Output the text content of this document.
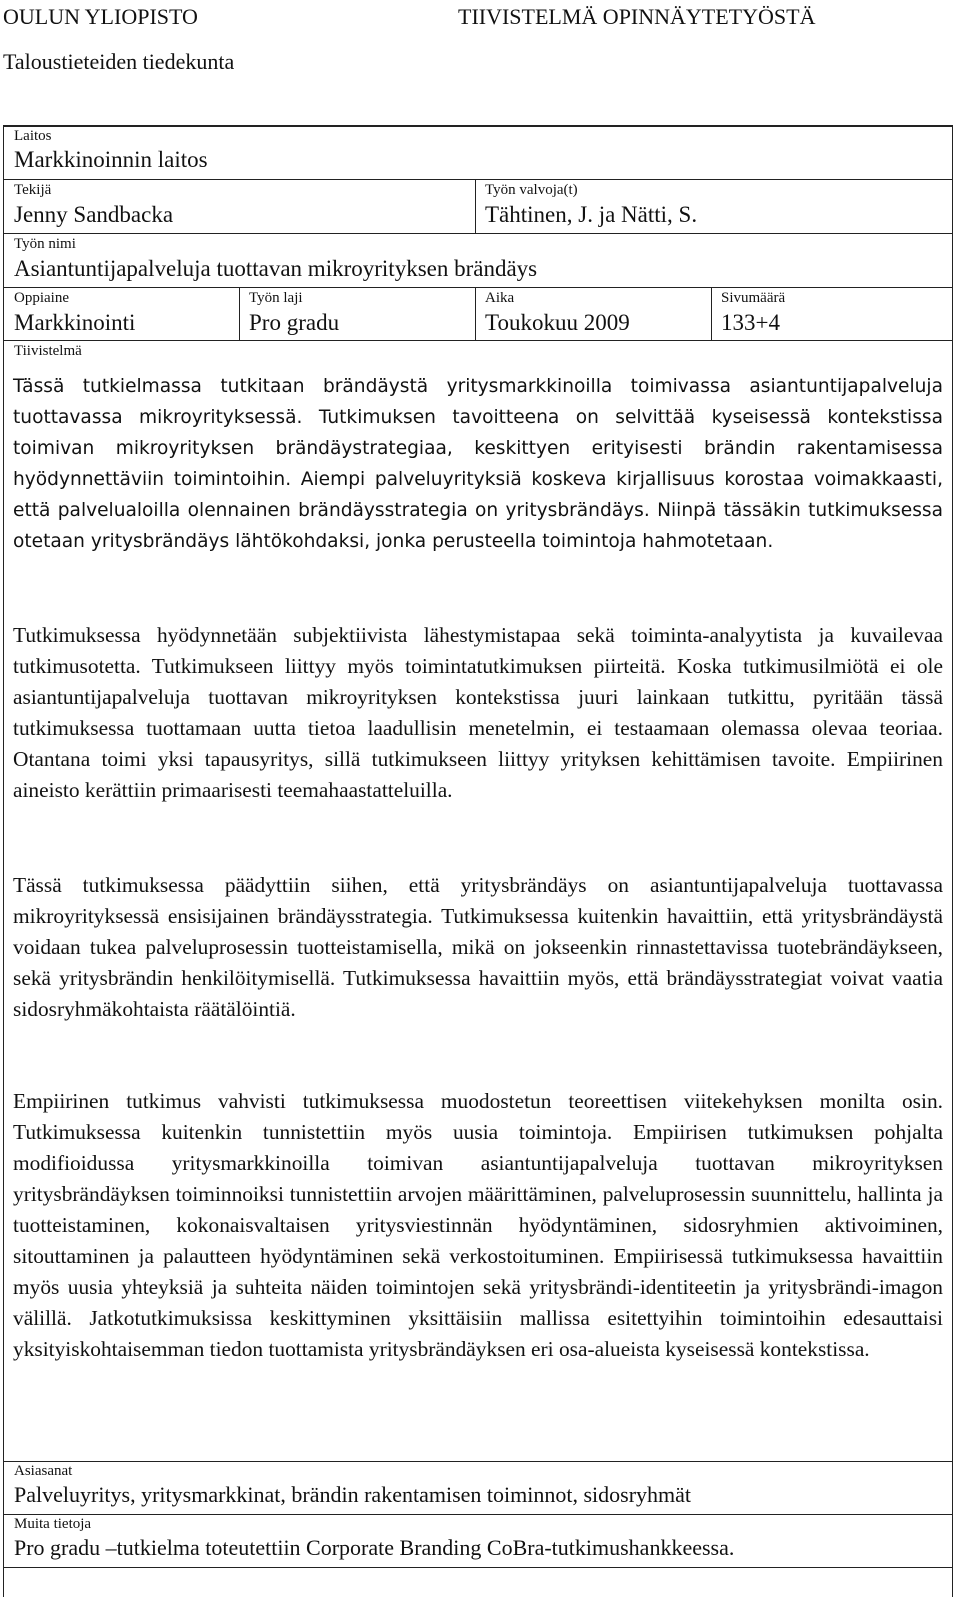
OULUN YLIOPISTO	TIIVISTELMÄ OPINNÄYTETYÖSTÄ
Taloustieteiden tiedekunta
Laitos
Markkinoinnin laitos
Tekijä
Jenny Sandbacka
Työn valvoja(t)
Tähtinen, J. ja Nätti, S.
Työn nimi
Asiantuntijapalveluja tuottavan mikroyrityksen brändäys
Oppiaine
Markkinointi
Työn laji
Pro gradu
Aika
Toukokuu 2009
Sivumäärä
133+4
Tiivistelmä

Tässä tutkielmassa tutkitaan brändäystä yritysmarkkinoilla toimivassa asiantuntijapalveluja tuottavassa mikroyrityksessä. Tutkimuksen tavoitteena on selvittää kyseisessä kontekstissa toimivan mikroyrityksen brändäystrategiaa, keskittyen erityisesti brändin rakentamisessa hyödynnettäviin toimintoihin. Aiempi palveluyrityksiä koskeva kirjallisuus korostaa voimakkaasti, että palvelualoilla olennainen brändäysstrategia on yritysbrändäys. Niinpä tässäkin tutkimuksessa otetaan yritysbrändäys lähtökohdaksi, jonka perusteella toimintoja hahmotetaan.

Tutkimuksessa hyödynnetään subjektiivista lähestymistapaa sekä toiminta-analyytista ja kuvailevaa tutkimusotetta. Tutkimukseen liittyy myös toimintatutkimuksen piirteitä. Koska tutkimusilmiötä ei ole asiantuntijapalveluja tuottavan mikroyrityksen kontekstissa juuri lainkaan tutkittu, pyritään tässä tutkimuksessa tuottamaan uutta tietoa laadullisin menetelmin, ei testaamaan olemassa olevaa teoriaa. Otantana toimi yksi tapausyritys, sillä tutkimukseen liittyy yrityksen kehittämisen tavoite. Empiirinen aineisto kerättiin primaarisesti teemahaastatteluilla.

Tässä tutkimuksessa päädyttiin siihen, että yritysbrändäys on asiantuntijapalveluja tuottavassa mikroyrityksessä ensisijainen brändäysstrategia. Tutkimuksessa kuitenkin havaittiin, että yritysbrändäystä voidaan tukea palveluprosessin tuotteistamisella, mikä on jokseenkin rinnastettavissa tuotebrändäykseen, sekä yritysbrändin henkilöitymisellä. Tutkimuksessa havaittiin myös, että brändäysstrategiat voivat vaatia sidosryhmäkohtaista räätälöintiä.

Empiirinen tutkimus vahvisti tutkimuksessa muodostetun teoreettisen viitekehyksen monilta osin. Tutkimuksessa kuitenkin tunnistettiin myös uusia toimintoja. Empiirisen tutkimuksen pohjalta modifioidussa yritysmarkkinoilla toimivan asiantuntijapalveluja tuottavan mikroyrityksen yritysbrändäyksen toiminnoiksi tunnistettiin arvojen määrittäminen, palveluprosessin suunnittelu, hallinta ja tuotteistaminen, kokonaisvaltaisen yritysviestinnän hyödyntäminen, sidosryhmien aktivoiminen, sitouttaminen ja palautteen hyödyntäminen sekä verkostoituminen. Empiirisessä tutkimuksessa havaittiin myös uusia yhteyksiä ja suhteita näiden toimintojen sekä yritysbrändi-identiteetin ja yritysbrändi-imagon välillä. Jatkotutkimuksissa keskittyminen yksittäisiin mallissa esitettyihin toimintoihin edesauttaisi yksityiskohtaisemman tiedon tuottamista yritysbrändäyksen eri osa-alueista kyseisessä kontekstissa.

Asiasanat
Palveluyritys, yritysmarkkinat, brändin rakentamisen toiminnot, sidosryhmät
Muita tietoja
Pro gradu –tutkielma toteutettiin Corporate Branding CoBra-tutkimushankkeessa.
